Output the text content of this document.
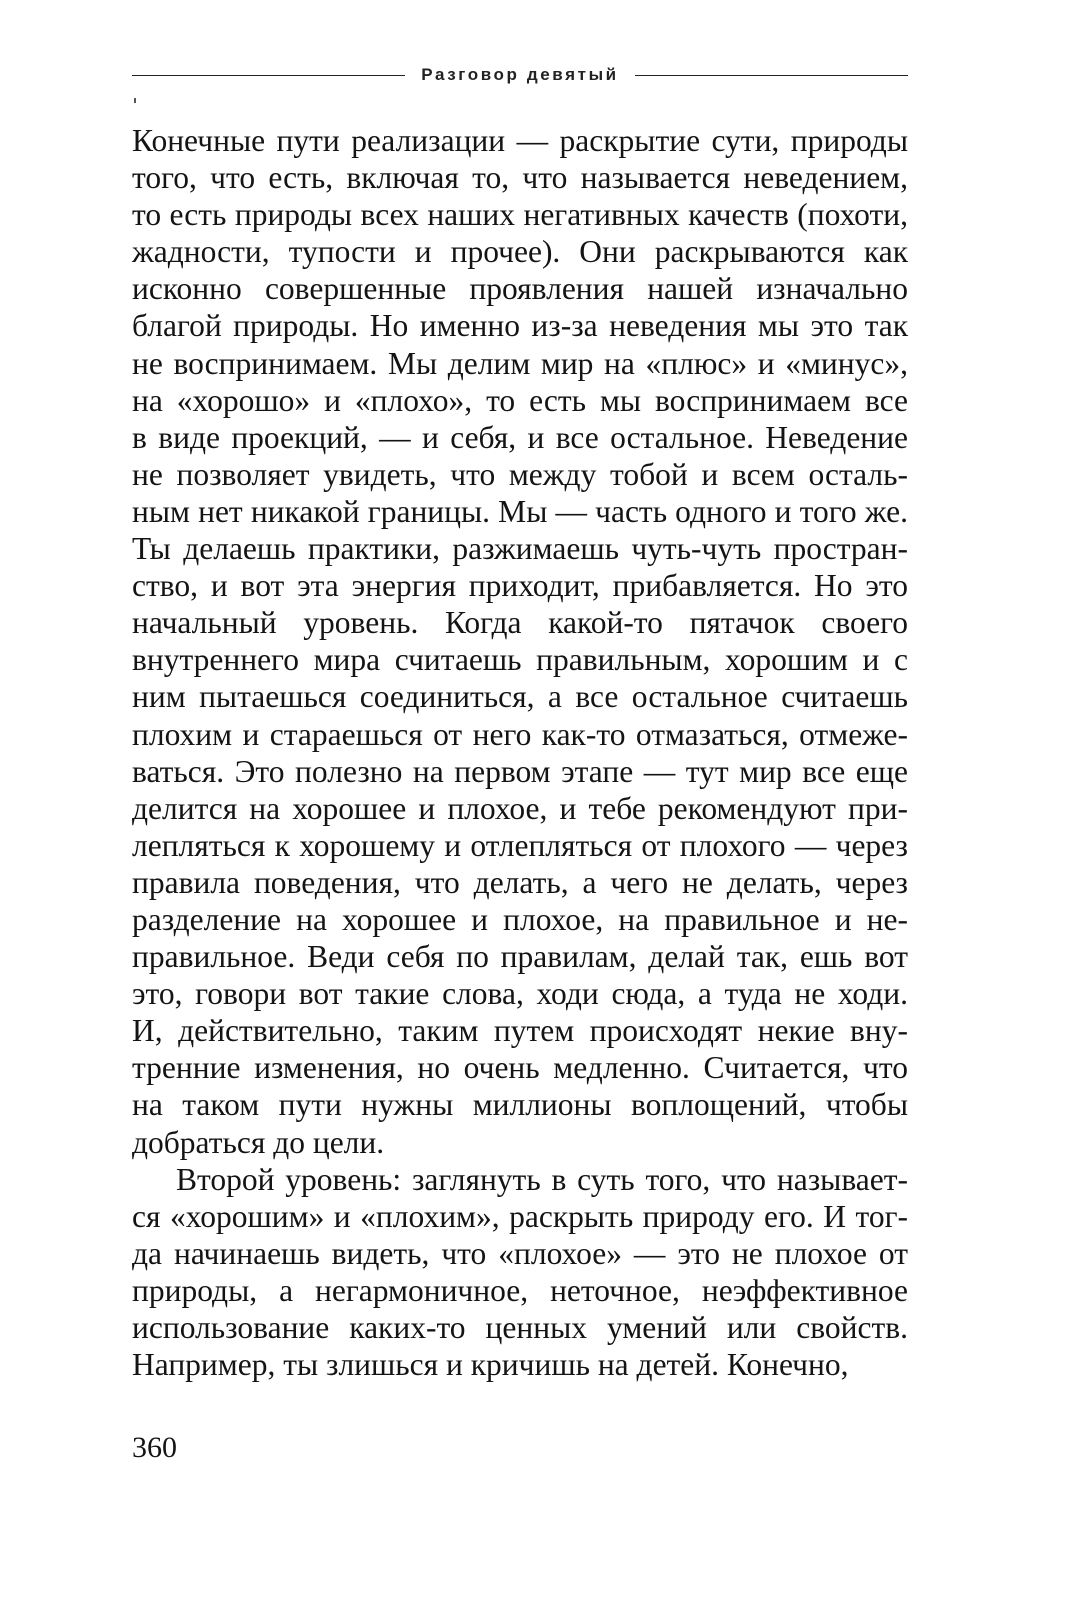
Разговор девятый
Конечные пути реализации — раскрытие сути, природы
того, что есть, включая то, что называется неведением,
то есть природы всех наших негативных качеств (похоти,
жадности, тупости и прочее). Они раскрываются как
исконно совершенные проявления нашей изначально
благой природы. Но именно из-за неведения мы это так
не воспринимаем. Мы делим мир на «плюс» и «минус»,
на «хорошо» и «плохо», то есть мы воспринимаем все
в виде проекций, — и себя, и все остальное. Неведение
не позволяет увидеть, что между тобой и всем осталь-
ным нет никакой границы. Мы — часть одного и того же.
Ты делаешь практики, разжимаешь чуть-чуть простран-
ство, и вот эта энергия приходит, прибавляется. Но это
начальный уровень. Когда какой-то пятачок своего
внутреннего мира считаешь правильным, хорошим и с
ним пытаешься соединиться, а все остальное считаешь
плохим и стараешься от него как-то отмазаться, отмеже-
ваться. Это полезно на первом этапе — тут мир все еще
делится на хорошее и плохое, и тебе рекомендуют при-
лепляться к хорошему и отлепляться от плохого — через
правила поведения, что делать, а чего не делать, через
разделение на хорошее и плохое, на правильное и не-
правильное. Веди себя по правилам, делай так, ешь вот
это, говори вот такие слова, ходи сюда, а туда не ходи.
И, действительно, таким путем происходят некие вну-
тренние изменения, но очень медленно. Считается, что
на таком пути нужны миллионы воплощений, чтобы
добраться до цели.
Второй уровень: заглянуть в суть того, что называет-
ся «хорошим» и «плохим», раскрыть природу его. И тог-
да начинаешь видеть, что «плохое» — это не плохое от
природы, а негармоничное, неточное, неэффективное
использование каких-то ценных умений или свойств.
Например, ты злишься и кричишь на детей. Конечно,
360
